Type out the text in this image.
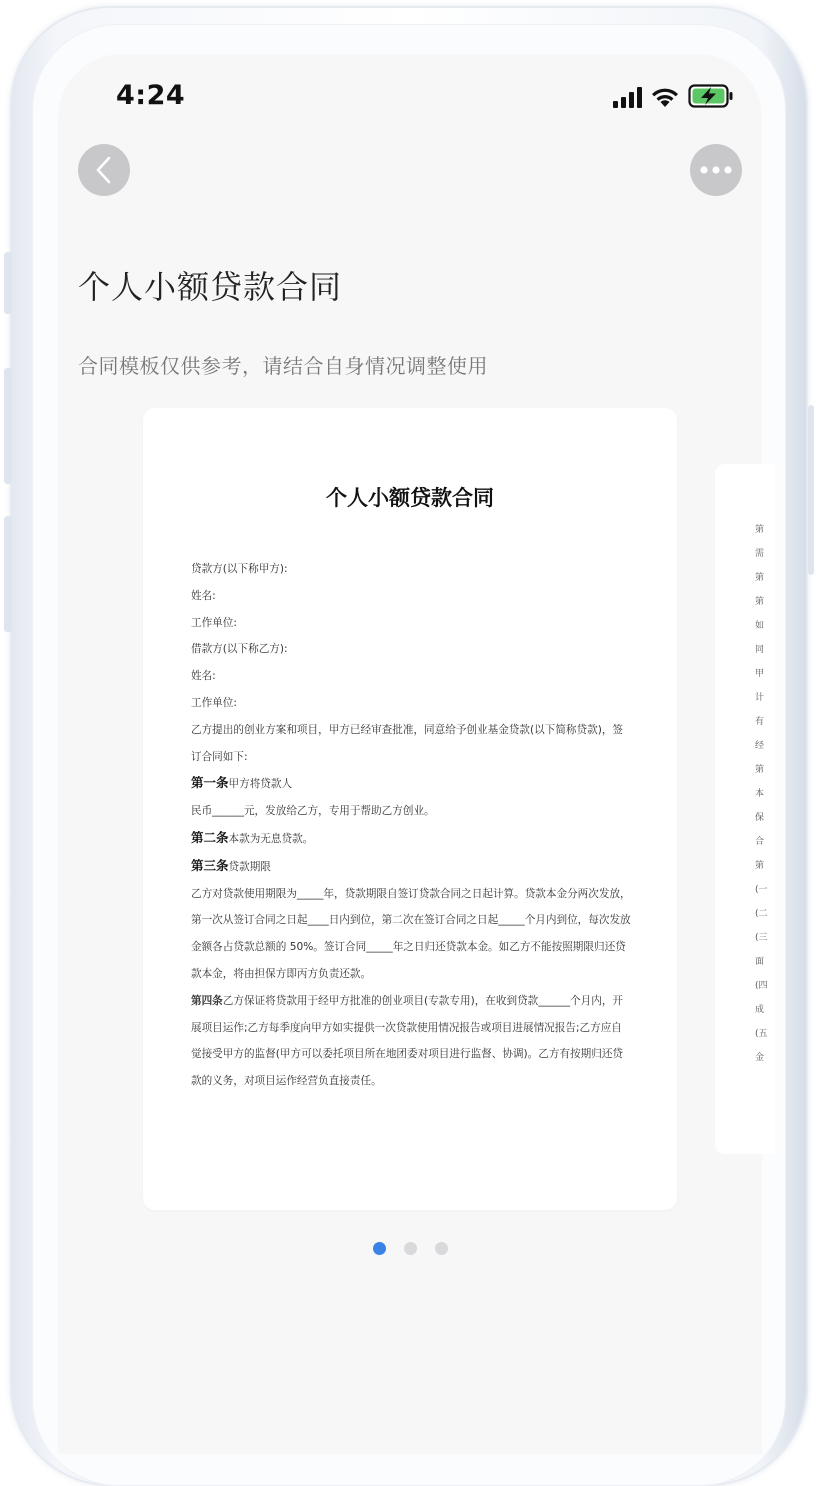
4:24
个人小额贷款合同
合同模板仅供参考，请结合自身情况调整使用
个人小额贷款合同
贷款方(以下称甲方):
姓名:
工作单位:
借款方(以下称乙方):
姓名:
工作单位:
乙方提出的创业方案和项目，甲方已经审查批准，同意给予创业基金贷款(以下简称贷款)，签订合同如下:
第一条甲方将贷款人
民币______元，发放给乙方，专用于帮助乙方创业。
第二条本款为无息贷款。
第三条贷款期限
乙方对贷款使用期限为_____年，贷款期限自签订贷款合同之日起计算。贷款本金分两次发放，第一次从签订合同之日起____日内到位，第二次在签订合同之日起_____个月内到位，每次发放金额各占贷款总额的 50%。签订合同_____年之日归还贷款本金。如乙方不能按照期限归还贷款本金，将由担保方即丙方负责还款。
第四条乙方保证将贷款用于经甲方批准的创业项目(专款专用)，在收到贷款______个月内，开展项目运作;乙方每季度向甲方如实提供一次贷款使用情况报告或项目进展情况报告;乙方应自觉接受甲方的监督(甲方可以委托项目所在地团委对项目进行监督、协调)。乙方有按期归还贷款的义务，对项目运作经营负直接责任。
第
需
第
第
如
同
甲
计
有
经
第
本
保
合
第
(一
(二
(三
面
(四
成
(五
金
